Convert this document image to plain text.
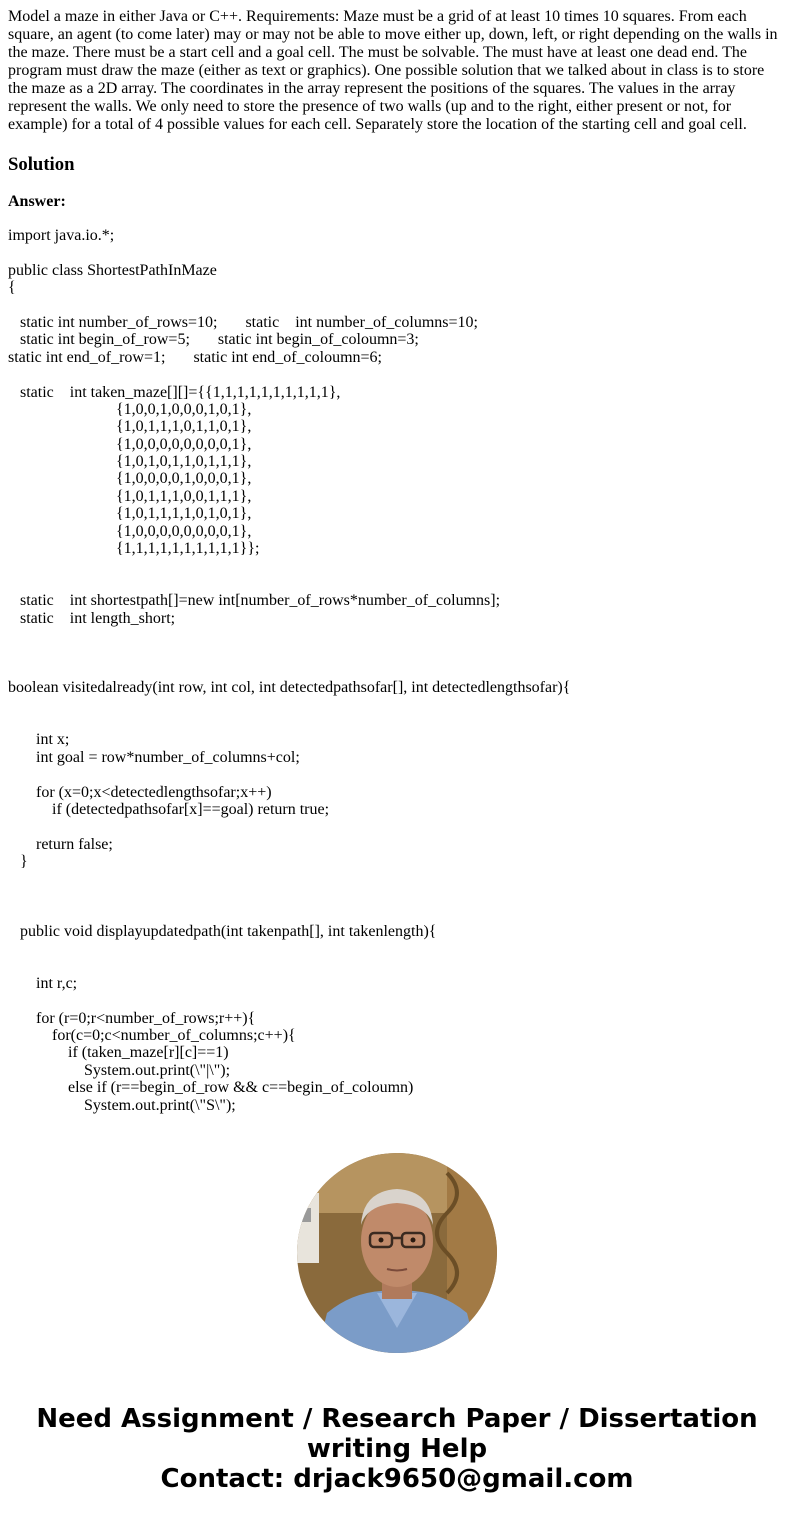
Model a maze in either Java or C++. Requirements: Maze must be a grid of at least 10 times 10 squares. From each square, an agent (to come later) may or may not be able to move either up, down, left, or right depending on the walls in the maze. There must be a start cell and a goal cell. The must be solvable. The must have at least one dead end. The program must draw the maze (either as text or graphics). One possible solution that we talked about in class is to store the maze as a 2D array. The coordinates in the array represent the positions of the squares. The values in the array represent the walls. We only need to store the presence of two walls (up and to the right, either present or not, for example) for a total of 4 possible values for each cell. Separately store the location of the starting cell and goal cell.

Solution

Answer:

import java.io.*;
public class ShortestPathInMaze
{
static int number_of_rows=10;       static    int number_of_columns=10;
static int begin_of_row=5;       static int begin_of_coloumn=3;
static int end_of_row=1;       static int end_of_coloumn=6;
static    int taken_maze[][]={{1,1,1,1,1,1,1,1,1,1},
{1,0,0,1,0,0,0,1,0,1},
{1,0,1,1,1,0,1,1,0,1},
{1,0,0,0,0,0,0,0,0,1},
{1,0,1,0,1,1,0,1,1,1},
{1,0,0,0,0,1,0,0,0,1},
{1,0,1,1,1,0,0,1,1,1},
{1,0,1,1,1,1,0,1,0,1},
{1,0,0,0,0,0,0,0,0,1},
{1,1,1,1,1,1,1,1,1,1}};
static    int shortestpath[]=new int[number_of_rows*number_of_columns];
static    int length_short;
boolean visitedalready(int row, int col, int detectedpathsofar[], int detectedlengthsofar){
int x;
int goal = row*number_of_columns+col;
for (x=0;x<detectedlengthsofar;x++)
if (detectedpathsofar[x]==goal) return true;
return false;
}
public void displayupdatedpath(int takenpath[], int takenlength){
int r,c;
for (r=0;r<number_of_rows;r++){
for(c=0;c<number_of_columns;c++){
if (taken_maze[r][c]==1)
System.out.print(\"|\");
else if (r==begin_of_row && c==begin_of_coloumn)
System.out.print(\"S\");
Need Assignment / Research Paper / Dissertation
writing Help
Contact: drjack9650@gmail.com
